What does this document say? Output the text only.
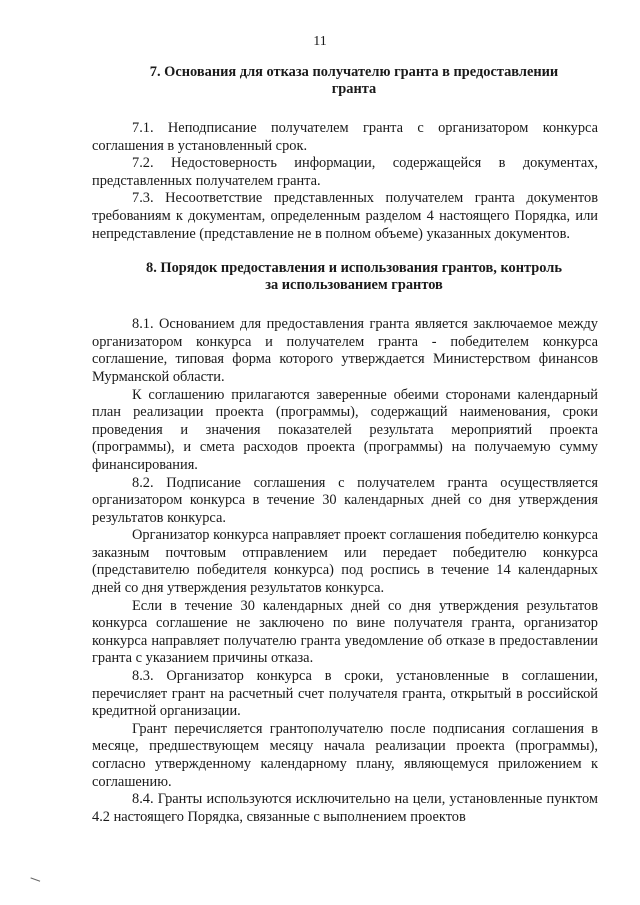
11

7. Основания для отказа получателю гранта в предоставлении
гранта

7.1. Неподписание получателем гранта с организатором конкурса соглашения в установленный срок.

7.2. Недостоверность информации, содержащейся в документах, представленных получателем гранта.

7.3. Несоответствие представленных получателем гранта документов требованиям к документам, определенным разделом 4 настоящего Порядка, или непредставление (представление не в полном объеме) указанных документов.

8. Порядок предоставления и использования грантов, контроль
за использованием грантов

8.1. Основанием для предоставления гранта является заключаемое между организатором конкурса и получателем гранта - победителем конкурса соглашение, типовая форма которого утверждается Министерством финансов Мурманской области.

К соглашению прилагаются заверенные обеими сторонами календарный план реализации проекта (программы), содержащий наименования, сроки проведения и значения показателей результата мероприятий проекта (программы), и смета расходов проекта (программы) на получаемую сумму финансирования.

8.2. Подписание соглашения с получателем гранта осуществляется организатором конкурса в течение 30 календарных дней со дня утверждения результатов конкурса.

Организатор конкурса направляет проект соглашения победителю конкурса заказным почтовым отправлением или передает победителю конкурса (представителю победителя конкурса) под роспись в течение 14 календарных дней со дня утверждения результатов конкурса.

Если в течение 30 календарных дней со дня утверждения результатов конкурса соглашение не заключено по вине получателя гранта, организатор конкурса направляет получателю гранта уведомление об отказе в предоставлении гранта с указанием причины отказа.

8.3. Организатор конкурса в сроки, установленные в соглашении, перечисляет грант на расчетный счет получателя гранта, открытый в российской кредитной организации.

Грант перечисляется грантополучателю после подписания соглашения в месяце, предшествующем месяцу начала реализации проекта (программы), согласно утвержденному календарному плану, являющемуся приложением к соглашению.

8.4. Гранты используются исключительно на цели, установленные пунктом 4.2 настоящего Порядка, связанные с выполнением проектов
